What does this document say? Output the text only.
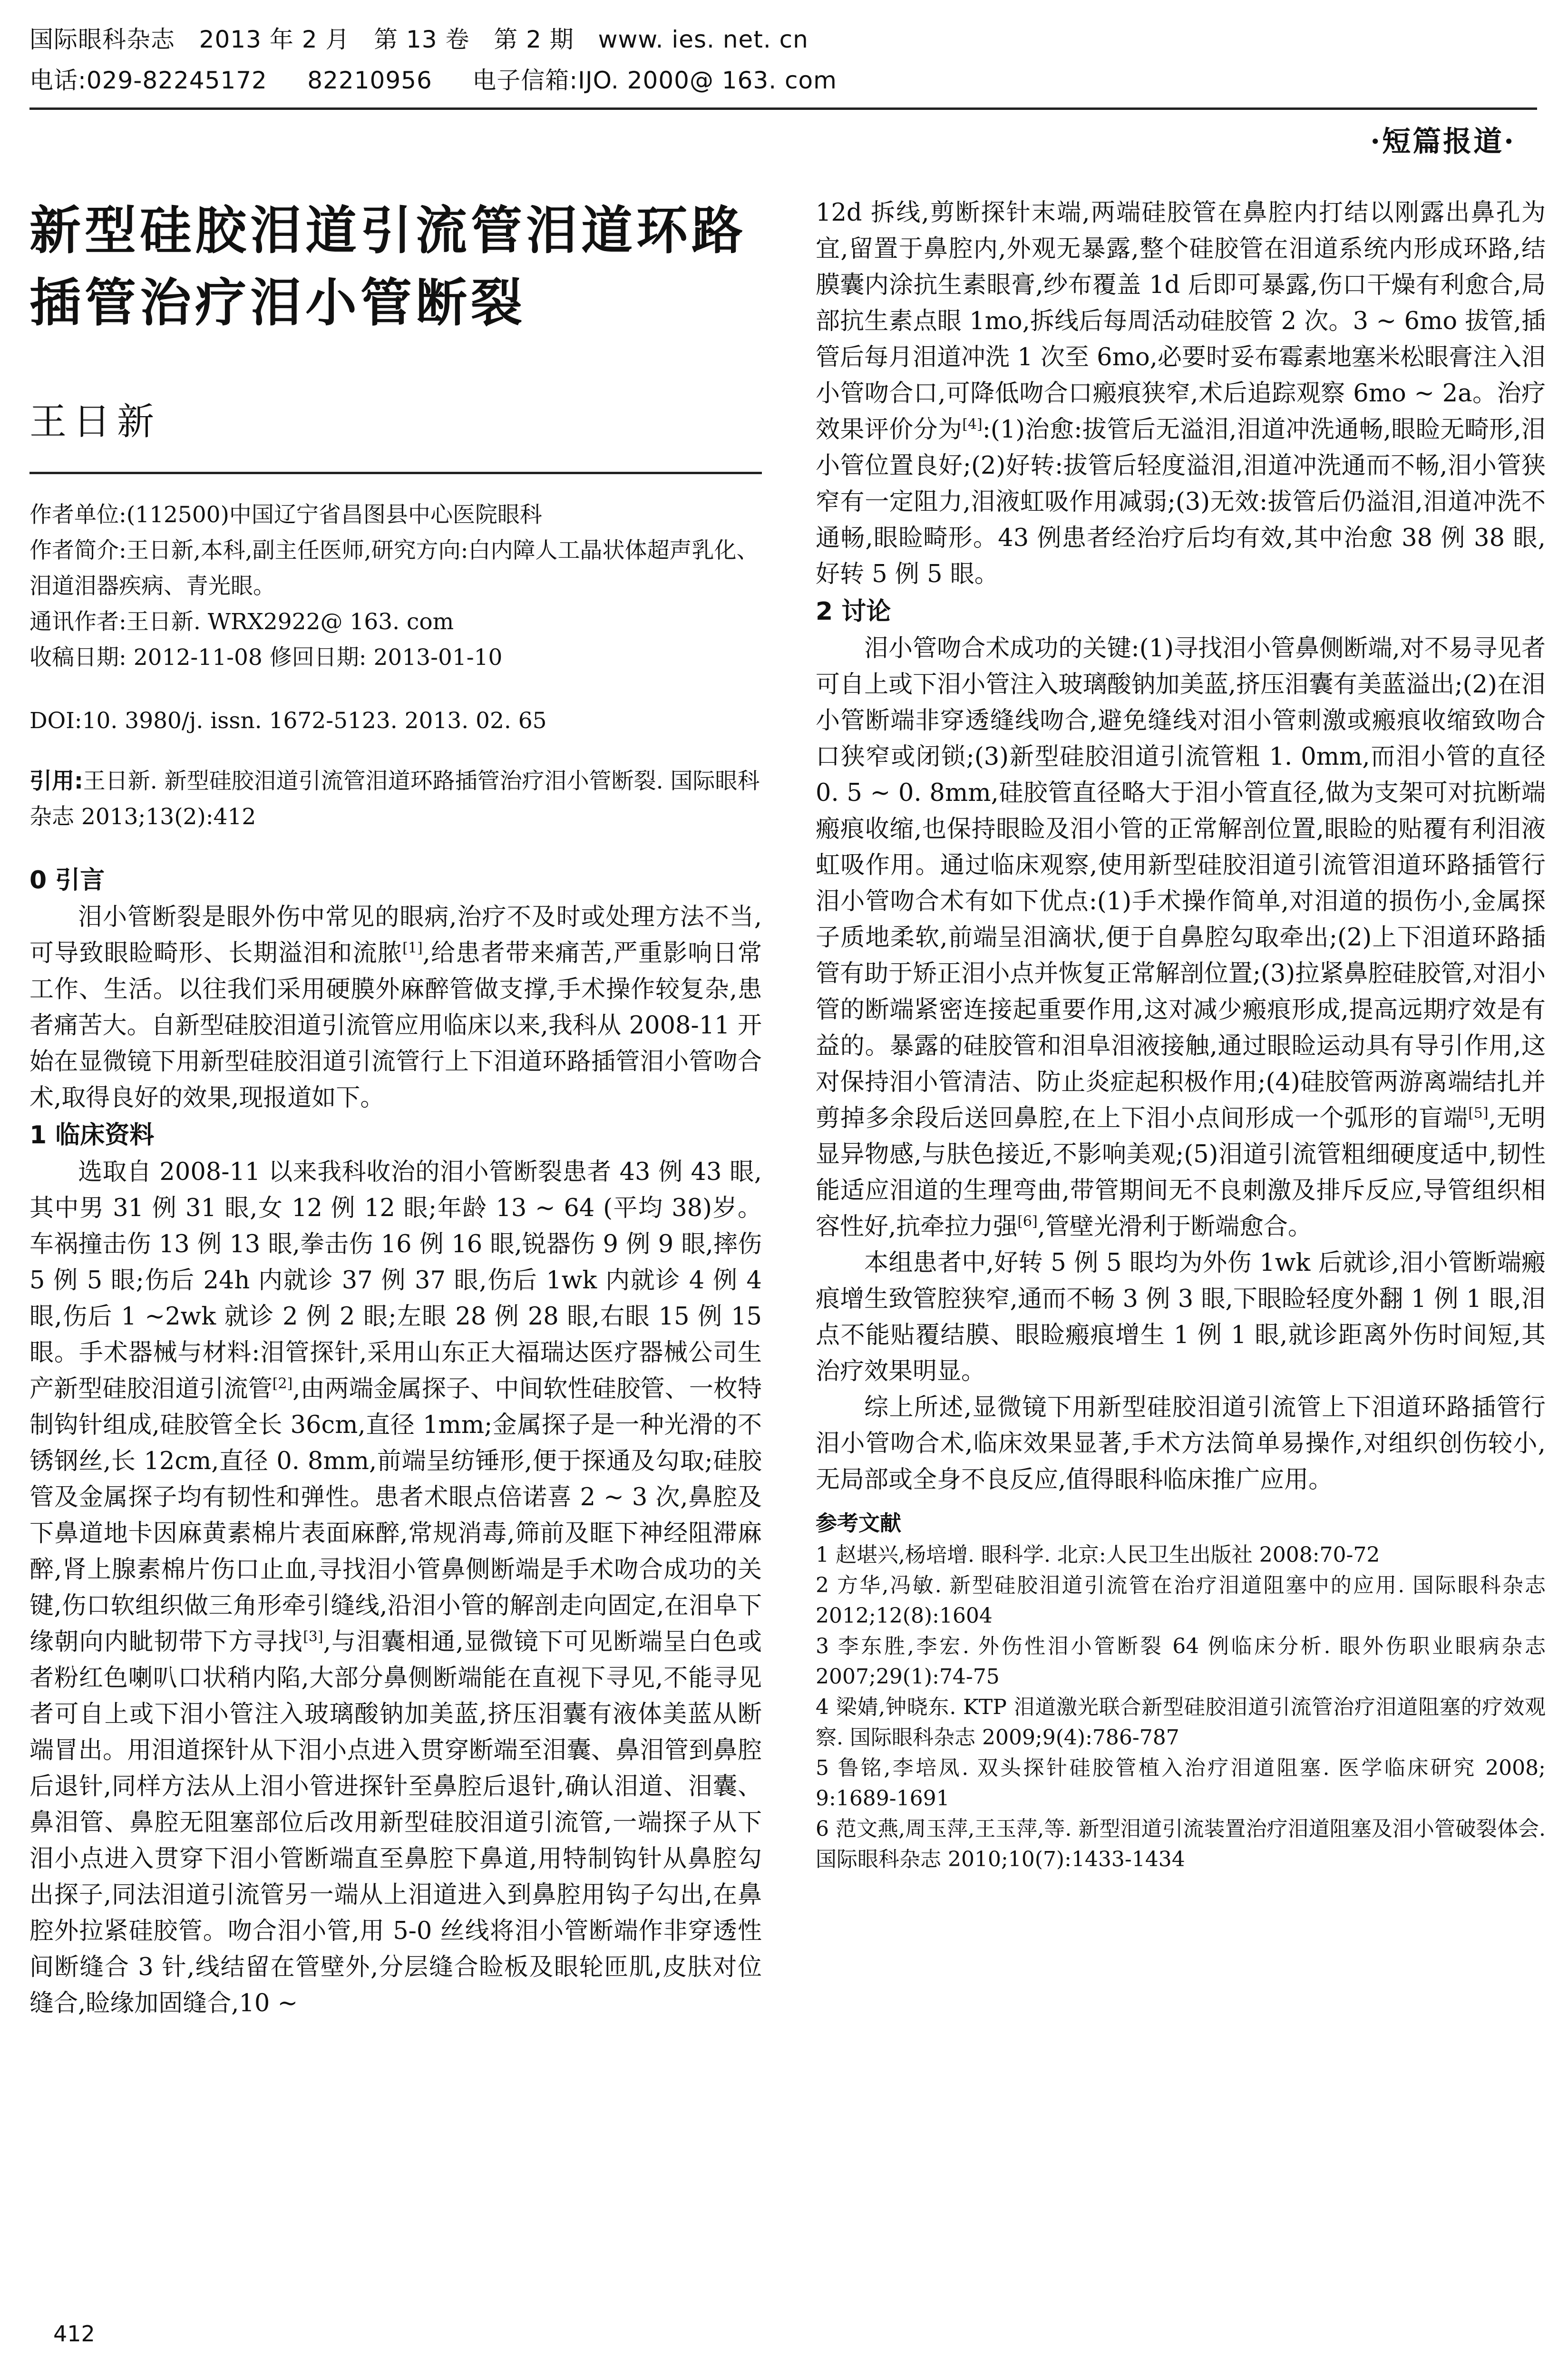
国际眼科杂志   2013 年 2 月   第 13 卷   第 2 期   www. ies. net. cn
电话:029-82245172     82210956     电子信箱:IJO. 2000@ 163. com
·短篇报道·
新型硅胶泪道引流管泪道环路
插管治疗泪小管断裂
王日新

作者单位:(112500)中国辽宁省昌图县中心医院眼科

作者简介:王日新,本科,副主任医师,研究方向:白内障人工晶状体超声乳化、泪道泪器疾病、青光眼。

通讯作者:王日新. WRX2922@ 163. com

收稿日期: 2012-11-08 修回日期: 2013-01-10

DOI:10. 3980/j. issn. 1672-5123. 2013. 02. 65
引用:王日新. 新型硅胶泪道引流管泪道环路插管治疗泪小管断裂. 国际眼科杂志 2013;13(2):412

0 引言

泪小管断裂是眼外伤中常见的眼病,治疗不及时或处理方法不当,可导致眼睑畸形、长期溢泪和流脓[1],给患者带来痛苦,严重影响日常工作、生活。以往我们采用硬膜外麻醉管做支撑,手术操作较复杂,患者痛苦大。自新型硅胶泪道引流管应用临床以来,我科从 2008-11 开始在显微镜下用新型硅胶泪道引流管行上下泪道环路插管泪小管吻合术,取得良好的效果,现报道如下。

1 临床资料

选取自 2008-11 以来我科收治的泪小管断裂患者 43 例 43 眼,其中男 31 例 31 眼,女 12 例 12 眼;年龄 13 ~ 64 (平均 38)岁。车祸撞击伤 13 例 13 眼,拳击伤 16 例 16 眼,锐器伤 9 例 9 眼,摔伤 5 例 5 眼;伤后 24h 内就诊 37 例 37 眼,伤后 1wk 内就诊 4 例 4 眼,伤后 1 ~2wk 就诊 2 例 2 眼;左眼 28 例 28 眼,右眼 15 例 15 眼。手术器械与材料:泪管探针,采用山东正大福瑞达医疗器械公司生产新型硅胶泪道引流管[2],由两端金属探子、中间软性硅胶管、一枚特制钩针组成,硅胶管全长 36cm,直径 1mm;金属探子是一种光滑的不锈钢丝,长 12cm,直径 0. 8mm,前端呈纺锤形,便于探通及勾取;硅胶管及金属探子均有韧性和弹性。患者术眼点倍诺喜 2 ~ 3 次,鼻腔及下鼻道地卡因麻黄素棉片表面麻醉,常规消毒,筛前及眶下神经阻滞麻醉,肾上腺素棉片伤口止血,寻找泪小管鼻侧断端是手术吻合成功的关键,伤口软组织做三角形牵引缝线,沿泪小管的解剖走向固定,在泪阜下缘朝向内眦韧带下方寻找[3],与泪囊相通,显微镜下可见断端呈白色或者粉红色喇叭口状稍内陷,大部分鼻侧断端能在直视下寻见,不能寻见者可自上或下泪小管注入玻璃酸钠加美蓝,挤压泪囊有液体美蓝从断端冒出。用泪道探针从下泪小点进入贯穿断端至泪囊、鼻泪管到鼻腔后退针,同样方法从上泪小管进探针至鼻腔后退针,确认泪道、泪囊、鼻泪管、鼻腔无阻塞部位后改用新型硅胶泪道引流管,一端探子从下泪小点进入贯穿下泪小管断端直至鼻腔下鼻道,用特制钩针从鼻腔勾出探子,同法泪道引流管另一端从上泪道进入到鼻腔用钩子勾出,在鼻腔外拉紧硅胶管。吻合泪小管,用 5-0 丝线将泪小管断端作非穿透性间断缝合 3 针,线结留在管壁外,分层缝合睑板及眼轮匝肌,皮肤对位缝合,睑缘加固缝合,10 ~

12d 拆线,剪断探针末端,两端硅胶管在鼻腔内打结以刚露出鼻孔为宜,留置于鼻腔内,外观无暴露,整个硅胶管在泪道系统内形成环路,结膜囊内涂抗生素眼膏,纱布覆盖 1d 后即可暴露,伤口干燥有利愈合,局部抗生素点眼 1mo,拆线后每周活动硅胶管 2 次。3 ~ 6mo 拔管,插管后每月泪道冲洗 1 次至 6mo,必要时妥布霉素地塞米松眼膏注入泪小管吻合口,可降低吻合口瘢痕狭窄,术后追踪观察 6mo ~ 2a。治疗效果评价分为[4]:(1)治愈:拔管后无溢泪,泪道冲洗通畅,眼睑无畸形,泪小管位置良好;(2)好转:拔管后轻度溢泪,泪道冲洗通而不畅,泪小管狭窄有一定阻力,泪液虹吸作用减弱;(3)无效:拔管后仍溢泪,泪道冲洗不通畅,眼睑畸形。43 例患者经治疗后均有效,其中治愈 38 例 38 眼,好转 5 例 5 眼。

2 讨论

泪小管吻合术成功的关键:(1)寻找泪小管鼻侧断端,对不易寻见者可自上或下泪小管注入玻璃酸钠加美蓝,挤压泪囊有美蓝溢出;(2)在泪小管断端非穿透缝线吻合,避免缝线对泪小管刺激或瘢痕收缩致吻合口狭窄或闭锁;(3)新型硅胶泪道引流管粗 1. 0mm,而泪小管的直径 0. 5 ~ 0. 8mm,硅胶管直径略大于泪小管直径,做为支架可对抗断端瘢痕收缩,也保持眼睑及泪小管的正常解剖位置,眼睑的贴覆有利泪液虹吸作用。通过临床观察,使用新型硅胶泪道引流管泪道环路插管行泪小管吻合术有如下优点:(1)手术操作简单,对泪道的损伤小,金属探子质地柔软,前端呈泪滴状,便于自鼻腔勾取牵出;(2)上下泪道环路插管有助于矫正泪小点并恢复正常解剖位置;(3)拉紧鼻腔硅胶管,对泪小管的断端紧密连接起重要作用,这对减少瘢痕形成,提高远期疗效是有益的。暴露的硅胶管和泪阜泪液接触,通过眼睑运动具有导引作用,这对保持泪小管清洁、防止炎症起积极作用;(4)硅胶管两游离端结扎并剪掉多余段后送回鼻腔,在上下泪小点间形成一个弧形的盲端[5],无明显异物感,与肤色接近,不影响美观;(5)泪道引流管粗细硬度适中,韧性能适应泪道的生理弯曲,带管期间无不良刺激及排斥反应,导管组织相容性好,抗牵拉力强[6],管壁光滑利于断端愈合。

本组患者中,好转 5 例 5 眼均为外伤 1wk 后就诊,泪小管断端瘢痕增生致管腔狭窄,通而不畅 3 例 3 眼,下眼睑轻度外翻 1 例 1 眼,泪点不能贴覆结膜、眼睑瘢痕增生 1 例 1 眼,就诊距离外伤时间短,其治疗效果明显。

综上所述,显微镜下用新型硅胶泪道引流管上下泪道环路插管行泪小管吻合术,临床效果显著,手术方法简单易操作,对组织创伤较小,无局部或全身不良反应,值得眼科临床推广应用。

参考文献

1 赵堪兴,杨培增. 眼科学. 北京:人民卫生出版社 2008:70-72

2 方华,冯敏. 新型硅胶泪道引流管在治疗泪道阻塞中的应用. 国际眼科杂志 2012;12(8):1604

3 李东胜,李宏. 外伤性泪小管断裂 64 例临床分析. 眼外伤职业眼病杂志 2007;29(1):74-75

4 梁婧,钟晓东. KTP 泪道激光联合新型硅胶泪道引流管治疗泪道阻塞的疗效观察. 国际眼科杂志 2009;9(4):786-787

5 鲁铭,李培凤. 双头探针硅胶管植入治疗泪道阻塞. 医学临床研究 2008; 9:1689-1691

6 范文燕,周玉萍,王玉萍,等. 新型泪道引流装置治疗泪道阻塞及泪小管破裂体会. 国际眼科杂志 2010;10(7):1433-1434

412
